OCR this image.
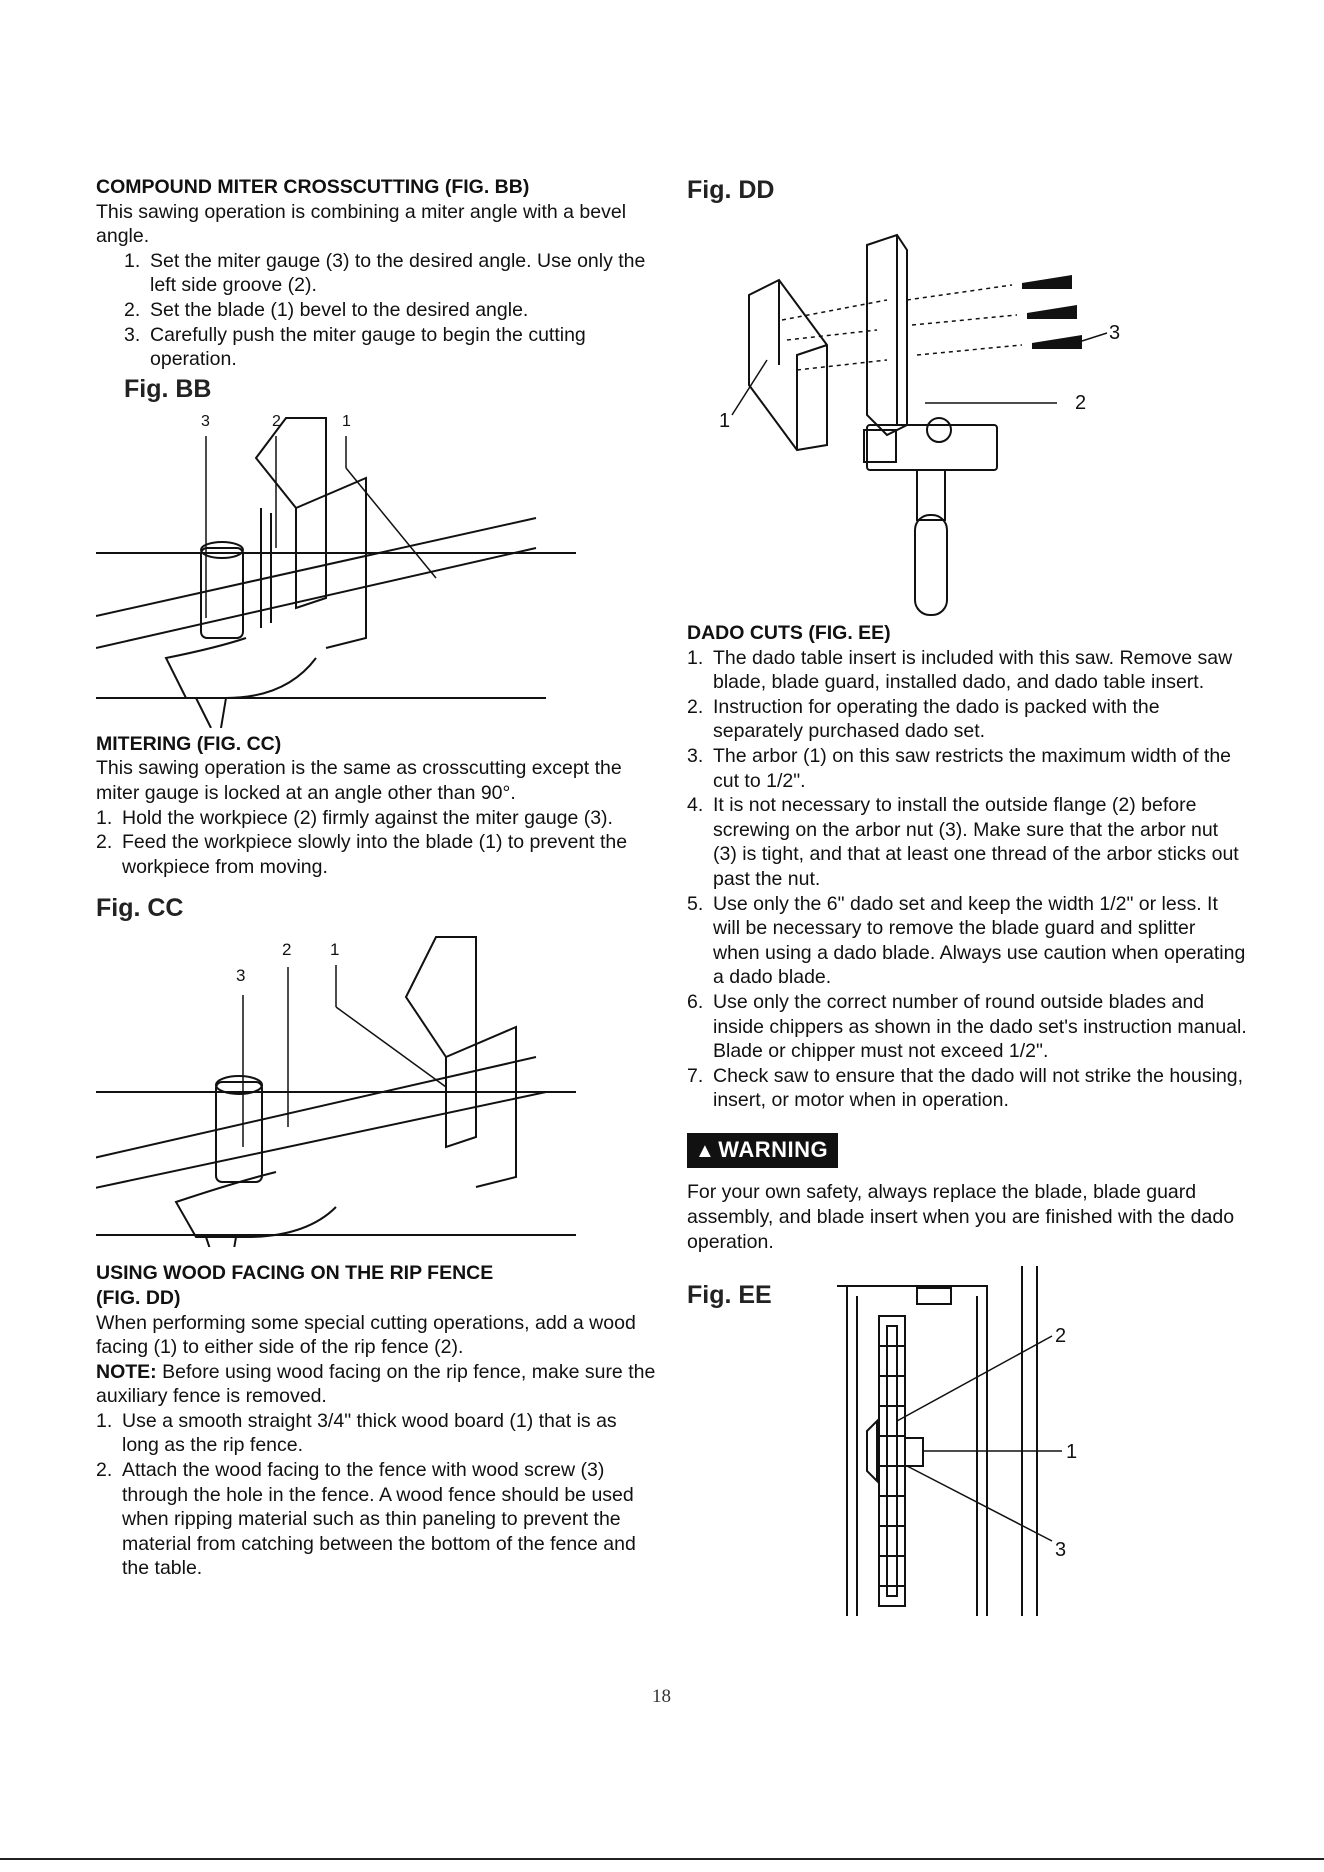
COMPOUND MITER CROSSCUTTING (FIG. BB)
This sawing operation is combining a miter angle with a bevel angle.
1. Set the miter gauge (3) to the desired angle. Use only the left side groove (2).
2. Set the blade (1) bevel to the desired angle.
3. Carefully push the miter gauge to begin the cutting operation.
Fig. BB
3	2	1
MITERING (FIG. CC)
This sawing operation is the same as crosscutting except the miter gauge is locked at an angle other than 90°.
1. Hold the workpiece (2) firmly against the miter gauge (3).
2. Feed the workpiece slowly into the blade (1) to prevent the workpiece from moving.
Fig. CC
3
2 1
USING WOOD FACING ON THE RIP FENCE
(FIG. DD)
When performing some special cutting operations, add a wood facing (1) to either side of the rip fence (2).
NOTE: Before using wood facing on the rip fence, make sure the auxiliary fence is removed.
1. Use a smooth straight 3/4" thick wood board (1) that is as long as the rip fence.
2. Attach the wood facing to the fence with wood screw (3) through the hole in the fence. A wood fence should be used when ripping material such as thin paneling to prevent the material from catching between the bottom of the fence and the table.
Fig. DD
1
2
3
DADO CUTS (FIG. EE)
1. The dado table insert is included with this saw. Remove saw blade, blade guard, installed dado, and dado table insert.
2. Instruction for operating the dado is packed with the separately purchased dado set.
3. The arbor (1) on this saw restricts the maximum width of the cut to 1/2".
4. It is not necessary to install the outside flange (2) before screwing on the arbor nut (3). Make sure that the arbor nut (3) is tight, and that at least one thread of the arbor sticks out past the nut.
5. Use only the 6" dado set and keep the width 1/2" or less. It will be necessary to remove the blade guard and splitter when using a dado blade. Always use caution when operating a dado blade.
6. Use only the correct number of round outside blades and inside chippers as shown in the dado set's instruction manual. Blade or chipper must not exceed 1/2".
7. Check saw to ensure that the dado will not strike the housing, insert, or motor when in operation.
▲ WARNING
For your own safety, always replace the blade, blade guard assembly, and blade insert when you are finished with the dado operation.
Fig. EE
2
1
3
18
